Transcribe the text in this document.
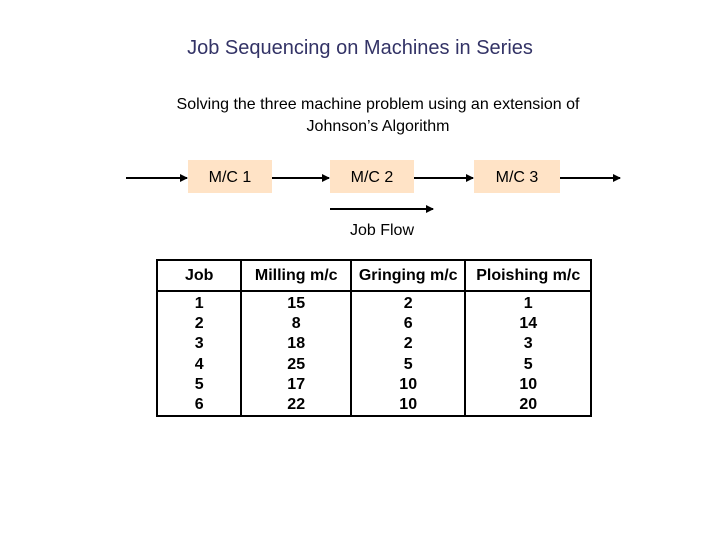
Job Sequencing on Machines in Series
Solving the three machine problem using an extension of
Johnson’s Algorithm
M/C 1	M/C 2	M/C 3
Job Flow
Job	Milling m/c	Gringing m/c	Ploishing m/c
1	15	2	1
2	8	6	14
3	18	2	3
4	25	5	5
5	17	10	10
6	22	10	20
